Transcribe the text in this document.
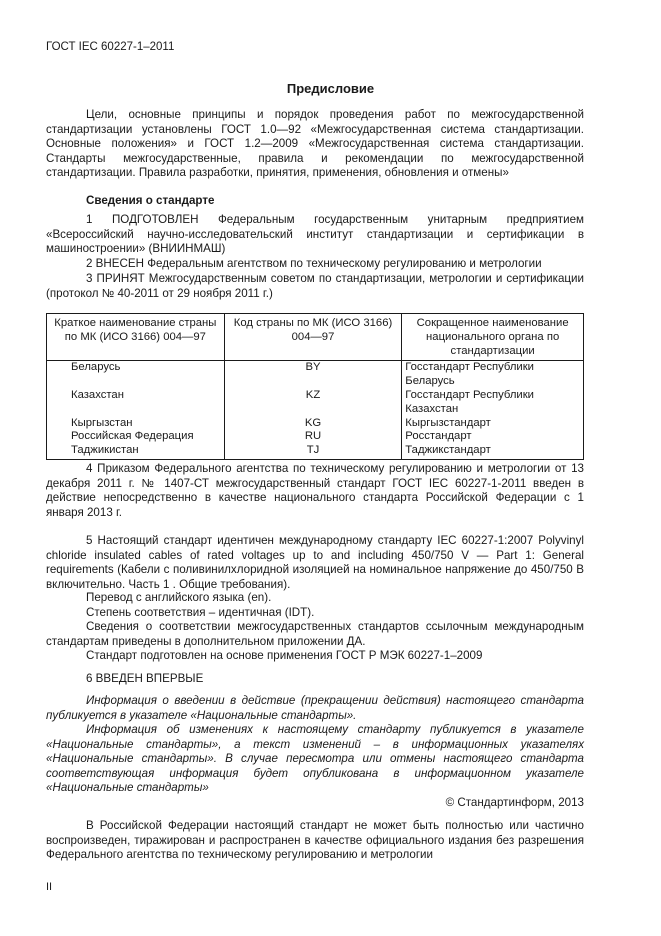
ГОСТ IEC 60227-1–2011
Предисловие
Цели, основные принципы и порядок проведения работ по межгосударственной стандартизации установлены ГОСТ 1.0—92 «Межгосударственная система стандартизации. Основные положения» и ГОСТ 1.2—2009 «Межгосударственная система стандартизации. Стандарты межгосударственные, правила и рекомендации по межгосударственной стандартизации. Правила разработки, принятия, применения, обновления и отмены»
Сведения о стандарте
1 ПОДГОТОВЛЕН Федеральным государственным унитарным предприятием «Всероссийский научно-исследовательский институт стандартизации и сертификации в машиностроении» (ВНИИНМАШ)
2 ВНЕСЕН Федеральным агентством по техническому регулированию и метрологии
3 ПРИНЯТ Межгосударственным советом по стандартизации, метрологии и сертификации (протокол № 40-2011 от 29 ноября 2011 г.)
Краткое наименование страны по МК (ИСО 3166) 004—97	Код страны по МК (ИСО 3166) 004—97	Сокращенное наименование национального органа по стандартизации
Беларусь	BY	Госстандарт Республики Беларусь
Казахстан	KZ	Госстандарт Республики Казахстан
Кыргызстан	KG	Кыргызстандарт
Российская Федерация	RU	Росстандарт
Таджикистан	TJ	Таджикстандарт
4 Приказом Федерального агентства по техническому регулированию и метрологии от 13 декабря 2011 г. № 1407-СТ межгосударственный стандарт ГОСТ IEC 60227-1-2011 введен в действие непосредственно в качестве национального стандарта Российской Федерации с 1 января 2013 г.
5 Настоящий стандарт идентичен международному стандарту IEC 60227-1:2007 Polyvinyl chloride insulated cables of rated voltages up to and including 450/750 V — Part 1: General requirements (Кабели с поливинилхлоридной изоляцией на номинальное напряжение до 450/750 В включительно. Часть 1 . Общие требования).
Перевод с английского языка (en).
Степень соответствия – идентичная (IDT).
Сведения о соответствии межгосударственных стандартов ссылочным международным стандартам приведены в дополнительном приложении ДА.
Стандарт подготовлен на основе применения ГОСТ Р МЭК 60227-1–2009
6 ВВЕДЕН ВПЕРВЫЕ
Информация о введении в действие (прекращении действия) настоящего стандарта публикуется в указателе «Национальные стандарты».
Информация об изменениях к настоящему стандарту публикуется в указателе «Национальные стандарты», а текст изменений – в информационных указателях «Национальные стандарты». В случае пересмотра или отмены настоящего стандарта соответствующая информация будет опубликована в информационном указателе «Национальные стандарты»
© Стандартинформ, 2013
В Российской Федерации настоящий стандарт не может быть полностью или частично воспроизведен, тиражирован и распространен в качестве официального издания без разрешения Федерального агентства по техническому регулированию и метрологии
II
